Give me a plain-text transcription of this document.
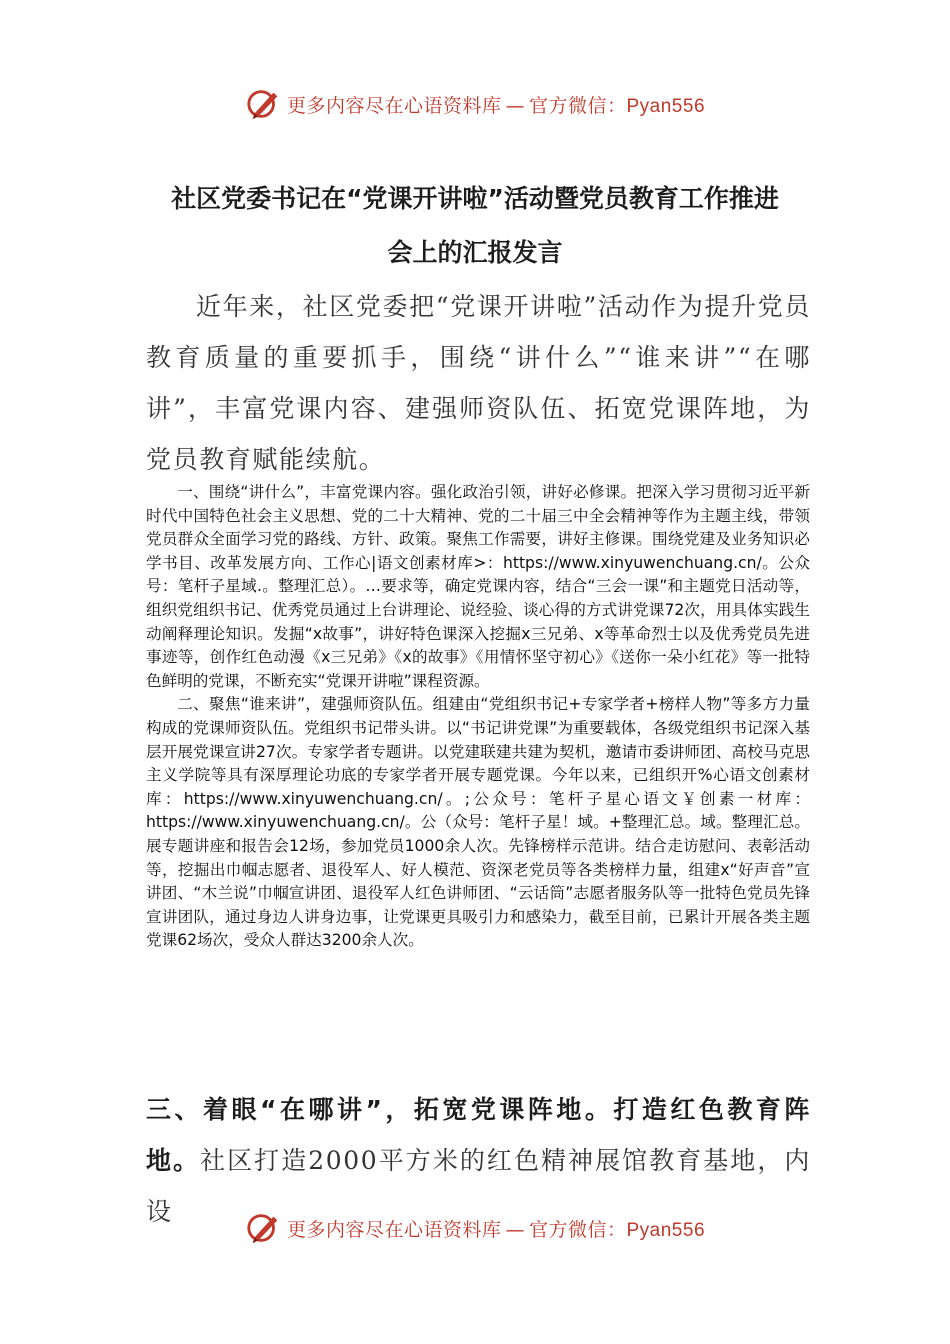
更多内容尽在心语资料库 — 官方微信：Pyan556
社区党委书记在“党课开讲啦”活动暨党员教育工作推进
会上的汇报发言
近年来，社区党委把“党课开讲啦”活动作为提升党员教育质量的重要抓手，围绕“讲什么”“谁来讲”“在哪讲”，丰富党课内容、建强师资队伍、拓宽党课阵地，为党员教育赋能续航。

一、围绕“讲什么”，丰富党课内容。强化政治引领，讲好必修课。把深入学习贯彻习近平新时代中国特色社会主义思想、党的二十大精神、党的二十届三中全会精神等作为主题主线，带领党员群众全面学习党的路线、方针、政策。聚焦工作需要，讲好主修课。围绕党建及业务知识必学书目、改革发展方向、工作心|语文创素材库>：https://www.xinyuwenchuang.cn/。公众号：笔杆子星域.。整理汇总）。…要求等，确定党课内容，结合“三会一课”和主题党日活动等，组织党组织书记、优秀党员通过上台讲理论、说经验、谈心得的方式讲党课72次，用具体实践生动阐释理论知识。发掘“x故事”，讲好特色课深入挖掘x三兄弟、x等革命烈士以及优秀党员先进事迹等，创作红色动漫《x三兄弟》《x的故事》《用情怀坚守初心》《送你一朵小红花》等一批特色鲜明的党课，不断充实“党课开讲啦”课程资源。

二、聚焦“谁来讲”，建强师资队伍。组建由“党组织书记+专家学者+榜样人物”等多方力量构成的党课师资队伍。党组织书记带头讲。以“书记讲党课”为重要载体，各级党组织书记深入基层开展党课宣讲27次。专家学者专题讲。以党建联建共建为契机，邀请市委讲师团、高校马克思主义学院等具有深厚理论功底的专家学者开展专题党课。今年以来，已组织开%心语文创素材库：https://www.xinyuwenchuang.cn/。;公众号：笔杆子星心语文￥创素一材库：https://www.xinyuwenchuang.cn/。公（众号：笔杆子星！域。+整理汇总。域。整理汇总。展专题讲座和报告会12场，参加党员1000余人次。先锋榜样示范讲。结合走访慰问、表彰活动等，挖掘出巾帼志愿者、退役军人、好人模范、资深老党员等各类榜样力量，组建x“好声音”宣讲团、“木兰说”巾帼宣讲团、退役军人红色讲师团、“云话筒”志愿者服务队等一批特色党员先锋宣讲团队，通过身边人讲身边事，让党课更具吸引力和感染力，截至目前，已累计开展各类主题党课62场次，受众人群达3200余人次。

三、着眼“在哪讲”，拓宽党课阵地。打造红色教育阵地。社区打造2000平方米的红色精神展馆教育基地，内设
更多内容尽在心语资料库 — 官方微信：Pyan556
